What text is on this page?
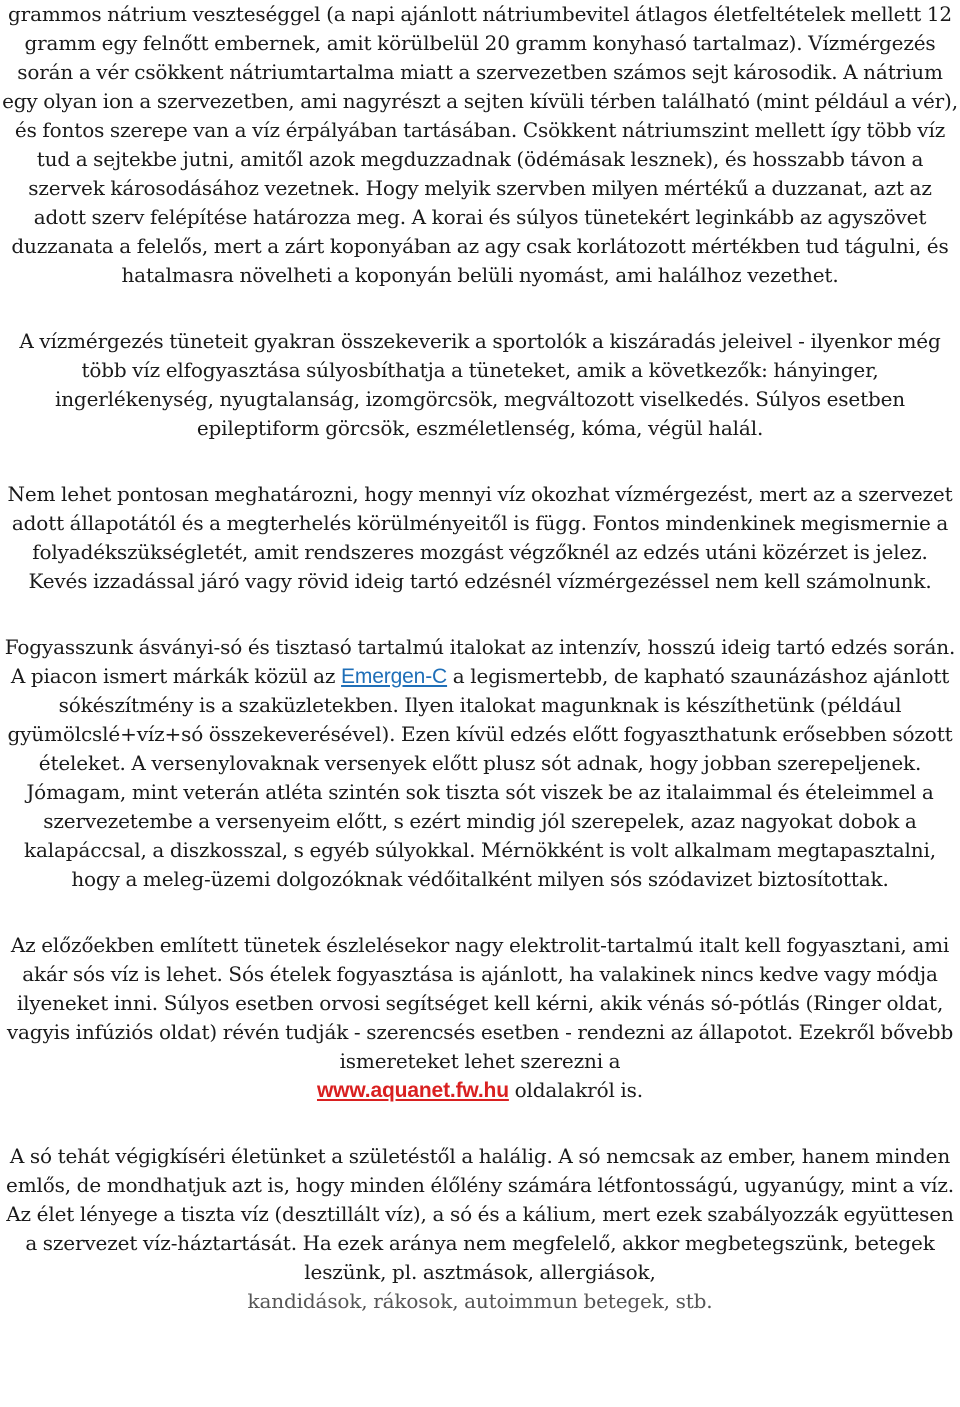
grammos nátrium veszteséggel (a napi ajánlott nátriumbevitel átlagos életfeltételek mellett 12 gramm egy felnőtt embernek, amit körülbelül 20 gramm konyhasó tartalmaz). Vízmérgezés során a vér csökkent nátriumtartalma miatt a szervezetben számos sejt károsodik. A nátrium egy olyan ion a szervezetben, ami nagyrészt a sejten kívüli térben található (mint például a vér), és fontos szerepe van a víz érpályában tartásában. Csökkent nátriumszint mellett így több víz tud a sejtekbe jutni, amitől azok megduzzadnak (ödémásak lesznek), és hosszabb távon a szervek károsodásához vezetnek. Hogy melyik szervben milyen mértékű a duzzanat, azt az adott szerv felépítése határozza meg. A korai és súlyos tünetekért leginkább az agyszövet duzzanata a felelős, mert a zárt koponyában az agy csak korlátozott mértékben tud tágulni, és hatalmasra növelheti a koponyán belüli nyomást, ami halálhoz vezethet.

A vízmérgezés tüneteit gyakran összekeverik a sportolók a kiszáradás jeleivel - ilyenkor még több víz elfogyasztása súlyosbíthatja a tüneteket, amik a következők: hányinger, ingerlékenység, nyugtalanság, izomgörcsök, megváltozott viselkedés. Súlyos esetben epileptiform görcsök, eszméletlenség, kóma, végül halál.

Nem lehet pontosan meghatározni, hogy mennyi víz okozhat vízmérgezést, mert az a szervezet adott állapotától és a megterhelés körülményeitől is függ. Fontos mindenkinek megismernie a folyadékszükségletét, amit rendszeres mozgást végzőknél az edzés utáni közérzet is jelez. Kevés izzadással járó vagy rövid ideig tartó edzésnél vízmérgezéssel nem kell számolnunk.

Fogyasszunk ásványi-só és tisztasó tartalmú italokat az intenzív, hosszú ideig tartó edzés során. A piacon ismert márkák közül az Emergen-C a legismertebb, de kapható szaunázáshoz ajánlott sókészítmény is a szaküzletekben. Ilyen italokat magunknak is készíthetünk (például gyümölcslé+víz+só összekeverésével). Ezen kívül edzés előtt fogyaszthatunk erősebben sózott ételeket. A versenylovaknak versenyek előtt plusz sót adnak, hogy jobban szerepeljenek. Jómagam, mint veterán atléta szintén sok tiszta sót viszek be az italaimmal és ételeimmel a szervezetembe a versenyeim előtt, s ezért mindig jól szerepelek, azaz nagyokat dobok a kalapáccsal, a diszkosszal, s egyéb súlyokkal. Mérnökként is volt alkalmam megtapasztalni, hogy a meleg-üzemi dolgozóknak védőitalként milyen sós szódavizet biztosítottak.

Az előzőekben említett tünetek észlelésekor nagy elektrolit-tartalmú italt kell fogyasztani, ami akár sós víz is lehet. Sós ételek fogyasztása is ajánlott, ha valakinek nincs kedve vagy módja ilyeneket inni. Súlyos esetben orvosi segítséget kell kérni, akik vénás só-pótlás (Ringer oldat, vagyis infúziós oldat) révén tudják - szerencsés esetben - rendezni az állapotot. Ezekről bővebb ismereteket lehet szerezni a
www.aquanet.fw.hu oldalakról is.

A só tehát végigkíséri életünket a születéstől a halálig. A só nemcsak az ember, hanem minden emlős, de mondhatjuk azt is, hogy minden élőlény számára létfontosságú, ugyanúgy, mint a víz. Az élet lényege a tiszta víz (desztillált víz), a só és a kálium, mert ezek szabályozzák együttesen a szervezet víz-háztartását. Ha ezek aránya nem megfelelő, akkor megbetegszünk, betegek leszünk, pl. asztmások, allergiások,
kandidások, rákosok, autoimmun betegek, stb.
